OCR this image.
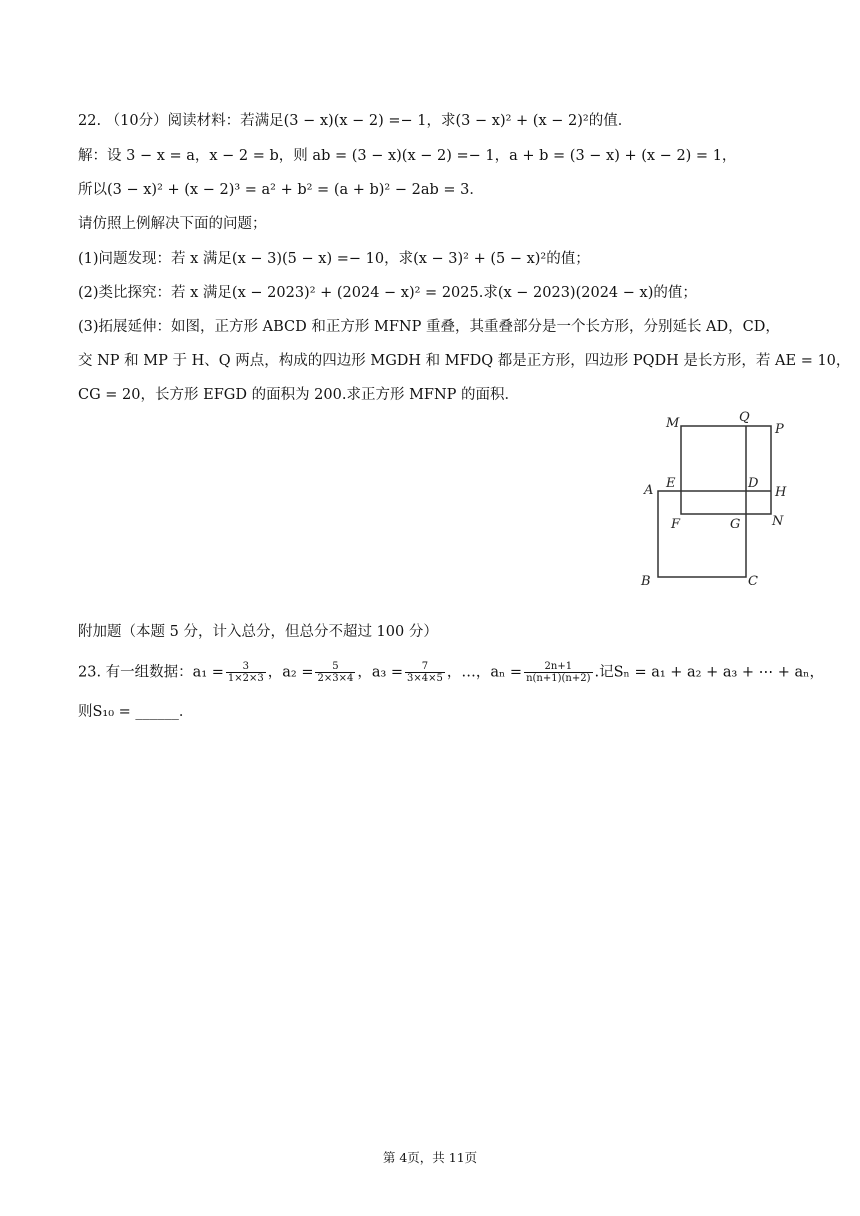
22. （10分）阅读材料：若满足(3 − x)(x − 2) =− 1，求(3 − x)² + (x − 2)²的值．
解：设 3 − x = a，x − 2 = b，则 ab = (3 − x)(x − 2) =− 1，a + b = (3 − x) + (x − 2) = 1，
所以(3 − x)² + (x − 2)³ = a² + b² = (a + b)² − 2ab = 3．
请仿照上例解决下面的问题；
(1)问题发现：若 x 满足(x − 3)(5 − x) =− 10，求(x − 3)² + (5 − x)²的值；
(2)类比探究：若 x 满足(x − 2023)² + (2024 − x)² = 2025.求(x − 2023)(2024 − x)的值；
(3)拓展延伸：如图，正方形 ABCD 和正方形 MFNP 重叠，其重叠部分是一个长方形，分别延长 AD，CD，
交 NP 和 MP 于 H、Q 两点，构成的四边形 MGDH 和 MFDQ 都是正方形，四边形 PQDH 是长方形，若 AE = 10，
CG = 20，长方形 EFGD 的面积为 200.求正方形 MFNP 的面积．
M	Q
P
A E	D
H
F	G N
B	C
附加题（本题 5 分，计入总分，但总分不超过 100 分）
23. 有一组数据：$a_1 = \frac{3}{1\times 2\times 3}$ ，$a_2 = \frac{5}{2\times 3\times 4}$ ，$a_3 = \frac{7}{3\times 4\times 5}$ ，…，$a_n = \frac{2n+1}{n(n+1)(n+2)}$ .记Sₙ = a₁ + a₂ + a₃ + ⋯ + aₙ，
则S₁₀ = ______．
第 4页，共 11页
